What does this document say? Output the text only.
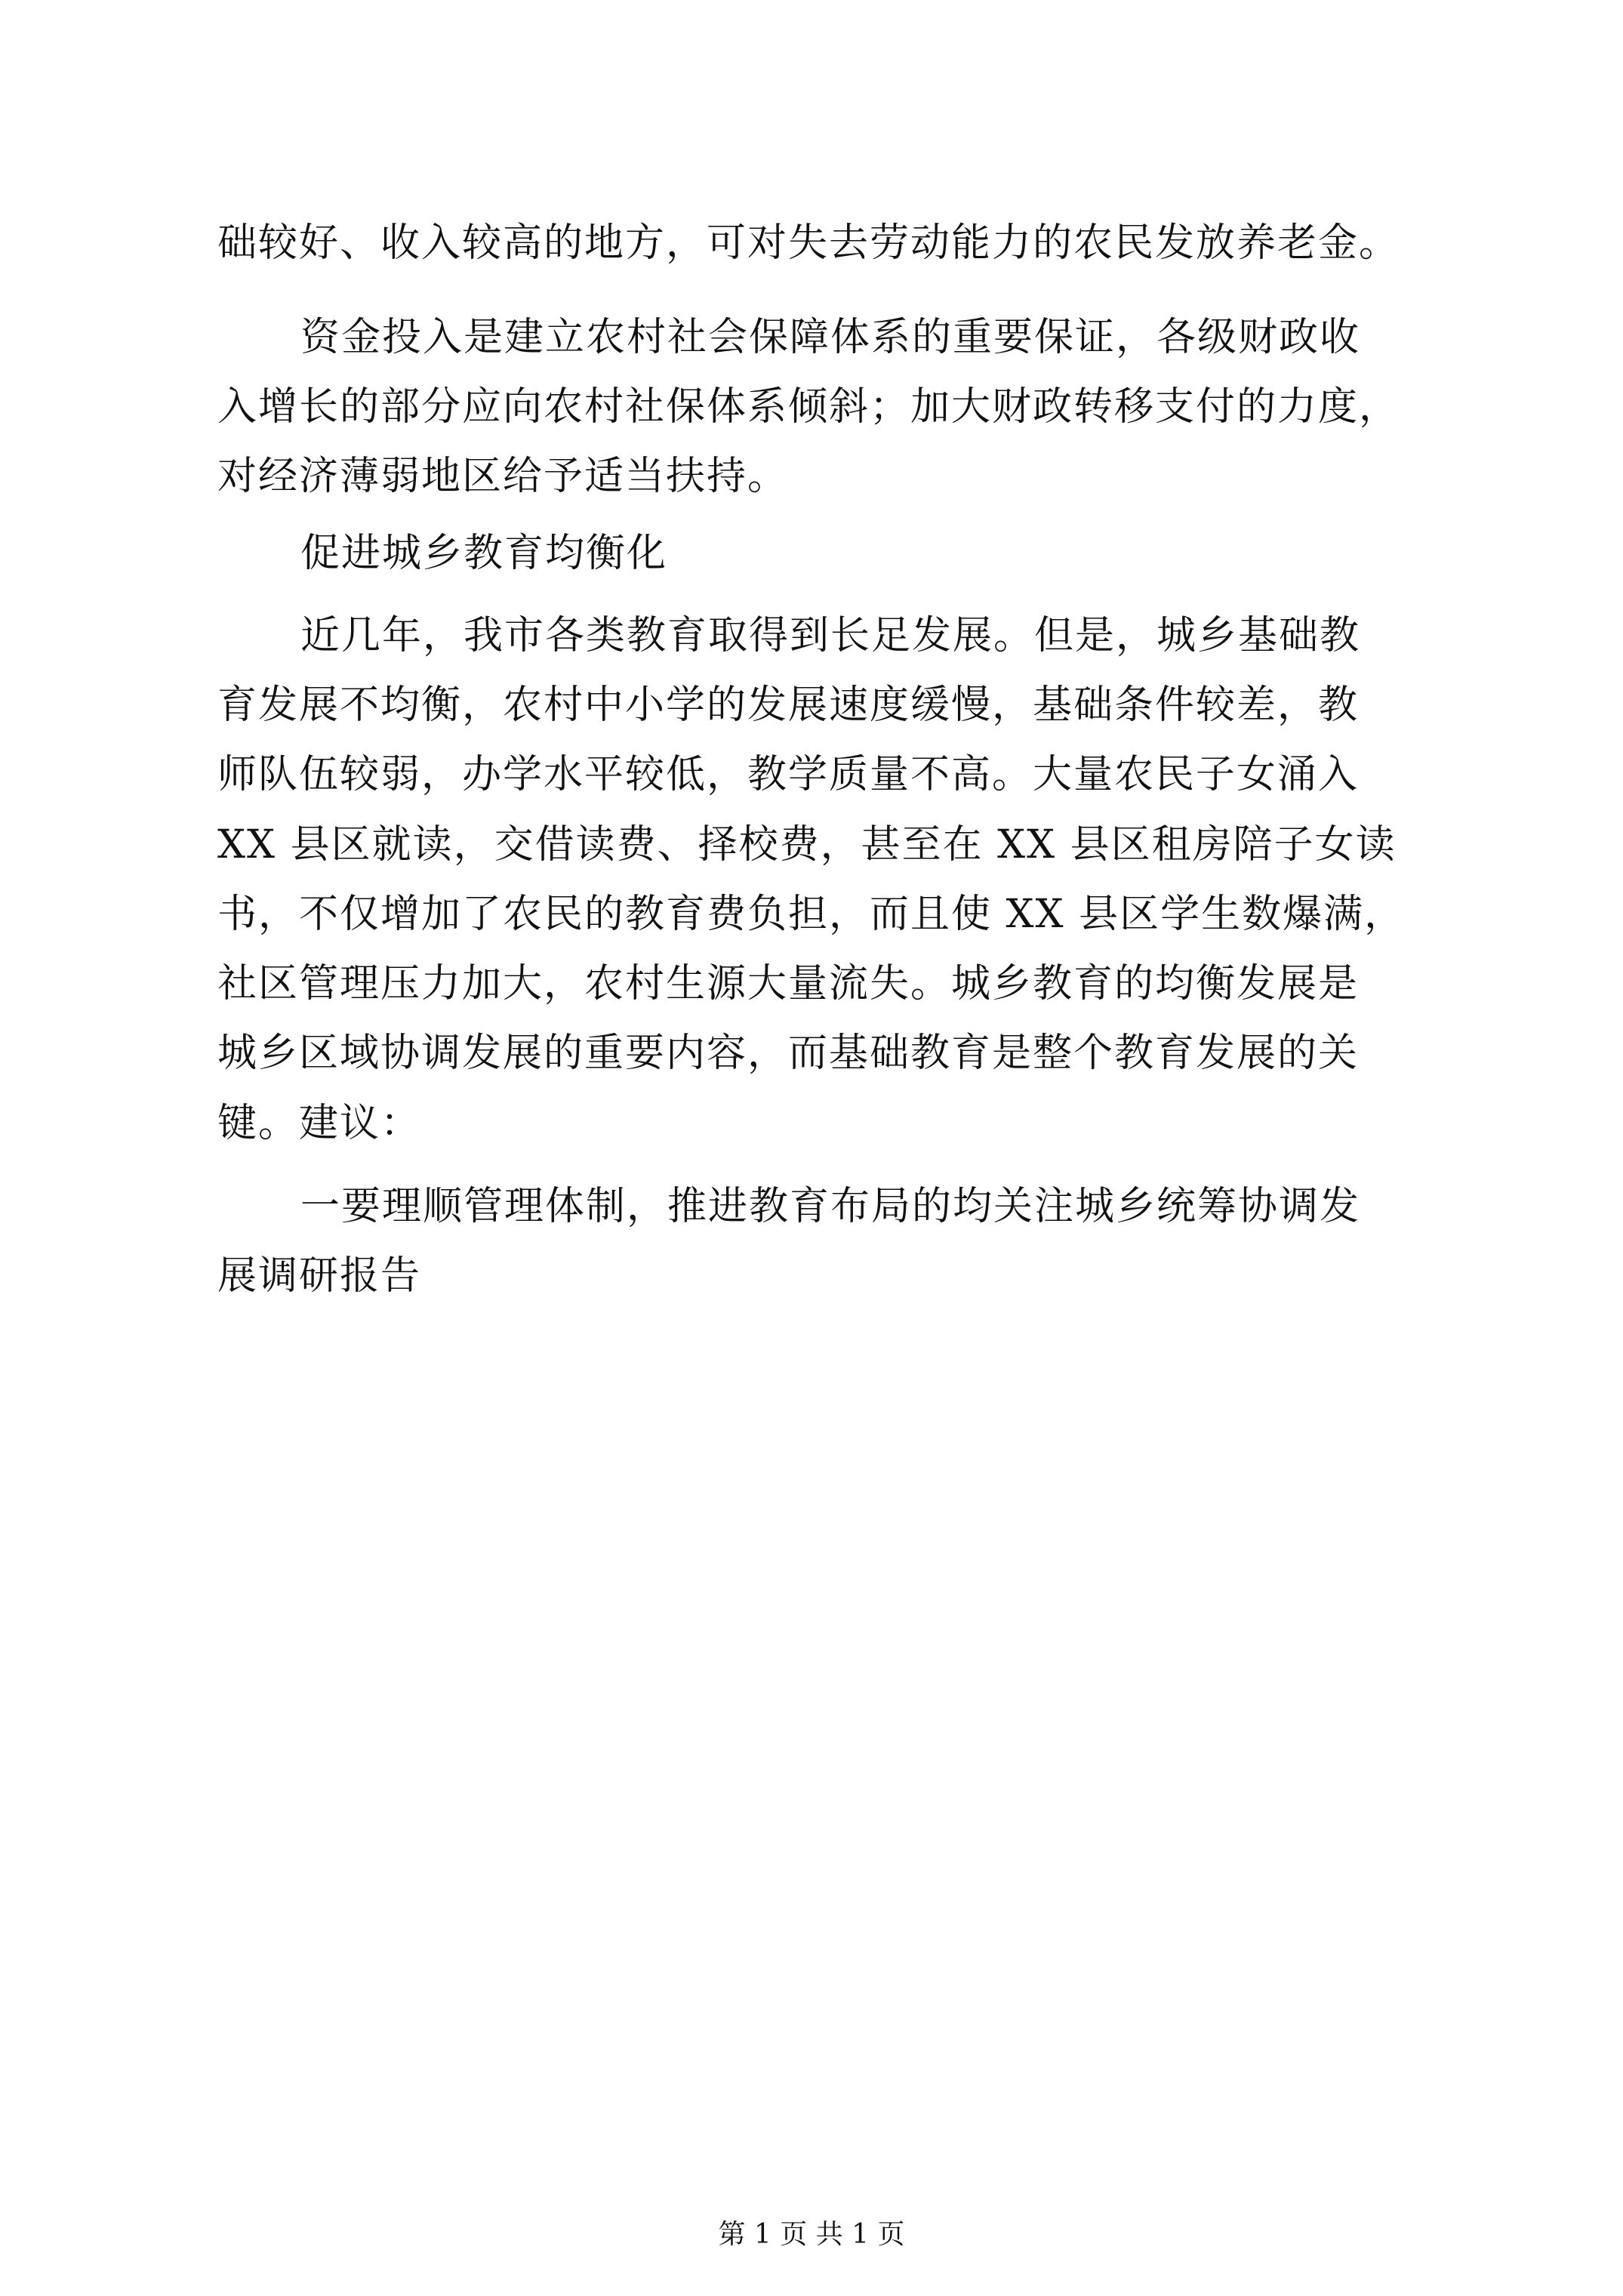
础较好、收入较高的地方，可对失去劳动能力的农民发放养老金。
资金投入是建立农村社会保障体系的重要保证，各级财政收
入增长的部分应向农村社保体系倾斜；加大财政转移支付的力度，
对经济薄弱地区给予适当扶持。
促进城乡教育均衡化
近几年，我市各类教育取得到长足发展。但是，城乡基础教
育发展不均衡，农村中小学的发展速度缓慢，基础条件较差，教
师队伍较弱，办学水平较低，教学质量不高。大量农民子女涌入
XX 县区就读，交借读费、择校费，甚至在 XX 县区租房陪子女读
书，不仅增加了农民的教育费负担，而且使 XX 县区学生数爆满，
社区管理压力加大，农村生源大量流失。城乡教育的均衡发展是
城乡区域协调发展的重要内容，而基础教育是整个教育发展的关
键。建议：
一要理顺管理体制，推进教育布局的均关注城乡统筹协调发
展调研报告
第 1 页 共 1 页
